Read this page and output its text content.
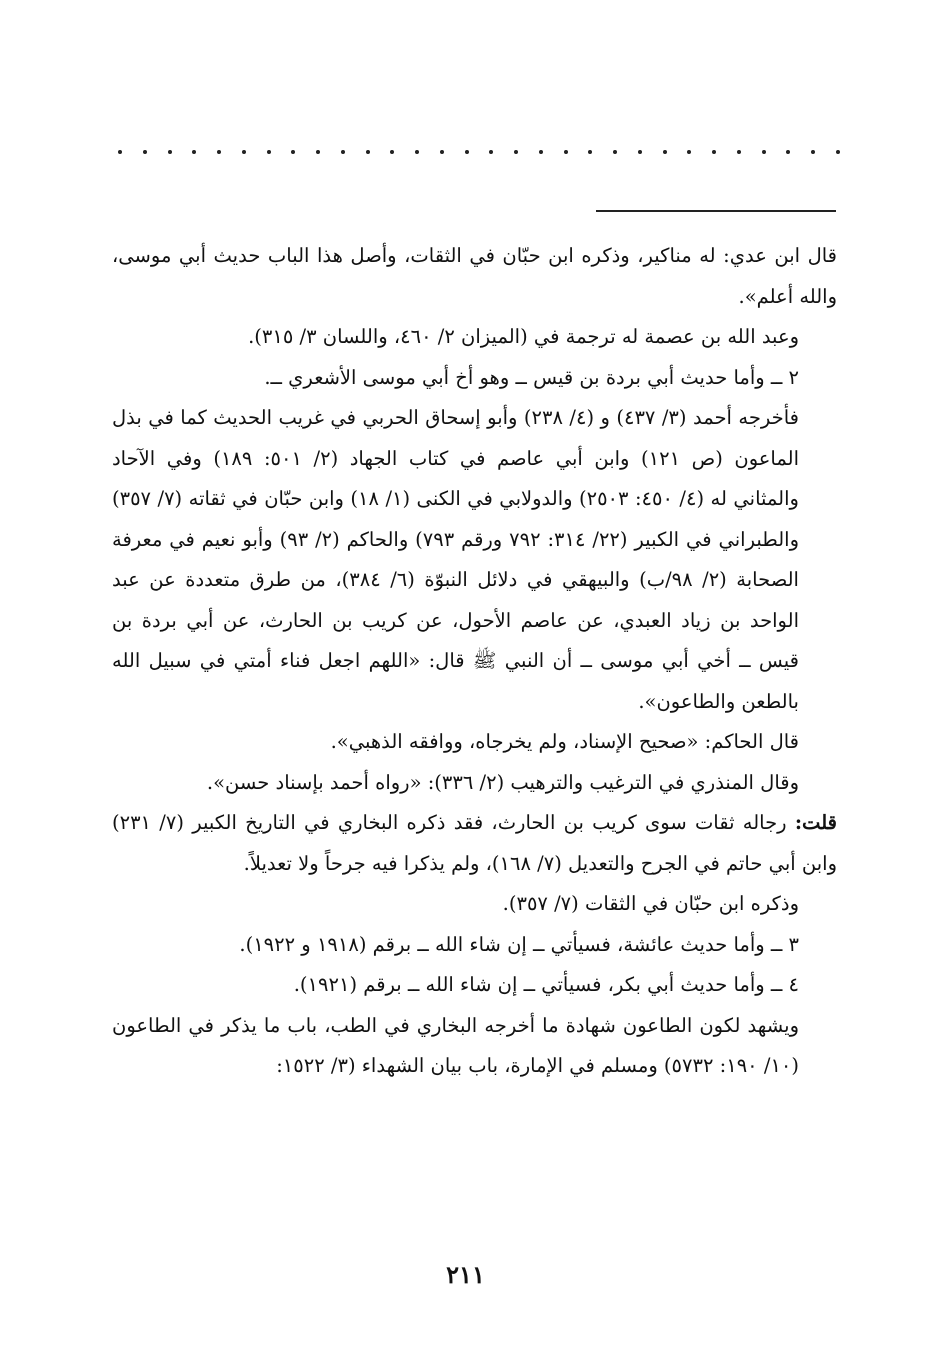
قال ابن عدي: له مناكير، وذكره ابن حبّان في الثقات، وأصل هذا الباب حديث أبي موسى، والله أعلم».

وعبد الله بن عصمة له ترجمة في (الميزان ٢/ ٤٦٠، واللسان ٣/ ٣١٥).

٢ ــ وأما حديث أبي بردة بن قيس ــ وهو أخ أبي موسى الأشعري ــ.

فأخرجه أحمد (٣/ ٤٣٧) و (٤/ ٢٣٨) وأبو إسحاق الحربي في غريب الحديث كما في بذل الماعون (ص ١٢١) وابن أبي عاصم في كتاب الجهاد (٢/ ٥٠١: ١٨٩) وفي الآحاد والمثاني له (٤/ ٤٥٠: ٢٥٠٣) والدولابي في الكنى (١/ ١٨) وابن حبّان في ثقاته (٧/ ٣٥٧) والطبراني في الكبير (٢٢/ ٣١٤: ٧٩٢ ورقم ٧٩٣) والحاكم (٢/ ٩٣) وأبو نعيم في معرفة الصحابة (٢/ ٩٨/ب) والبيهقي في دلائل النبوّة (٦/ ٣٨٤)، من طرق متعددة عن عبد الواحد بن زياد العبدي، عن عاصم الأحول، عن كريب بن الحارث، عن أبي بردة بن قيس ــ أخي أبي موسى ــ أن النبي ﷺ قال: «اللهم اجعل فناء أمتي في سبيل الله بالطعن والطاعون».

قال الحاكم: «صحيح الإسناد، ولم يخرجاه، ووافقه الذهبي».

وقال المنذري في الترغيب والترهيب (٢/ ٣٣٦): «رواه أحمد بإسناد حسن».

قلت: رجاله ثقات سوى كريب بن الحارث، فقد ذكره البخاري في التاريخ الكبير (٧/ ٢٣١) وابن أبي حاتم في الجرح والتعديل (٧/ ١٦٨)، ولم يذكرا فيه جرحاً ولا تعديلاً.

وذكره ابن حبّان في الثقات (٧/ ٣٥٧).

٣ ــ وأما حديث عائشة، فسيأتي ــ إن شاء الله ــ برقم (١٩١٨ و ١٩٢٢).

٤ ــ وأما حديث أبي بكر، فسيأتي ــ إن شاء الله ــ برقم (١٩٢١).

ويشهد لكون الطاعون شهادة ما أخرجه البخاري في الطب، باب ما يذكر في الطاعون (١٠/ ١٩٠: ٥٧٣٢) ومسلم في الإمارة، باب بيان الشهداء (٣/ ١٥٢٢:

٢١١
